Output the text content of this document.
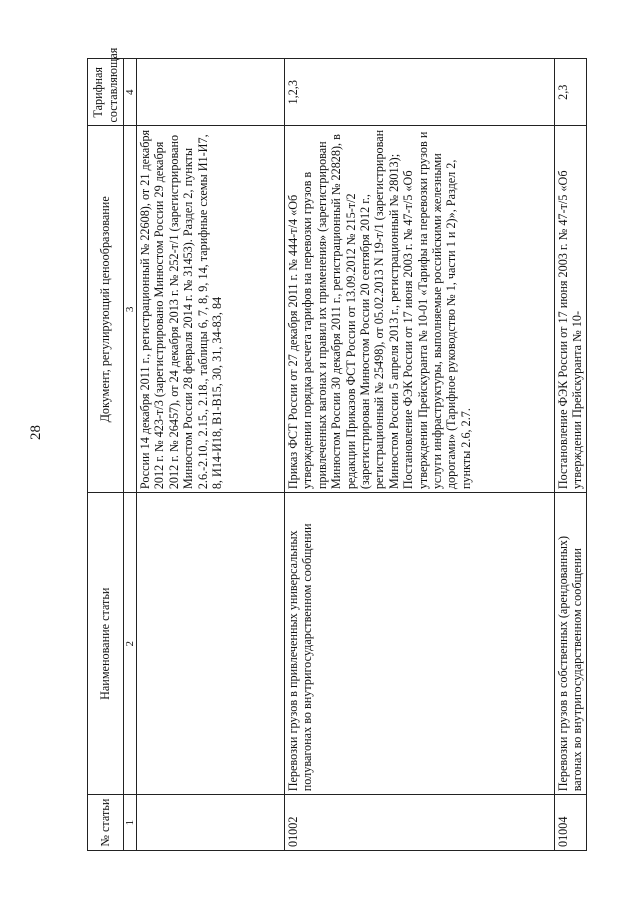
28
№ статьи	Наименование статьи	Документ, регулирующий ценообразование	Тарифная составляющая
1	2	3	4
		России 14 декабря 2011 г., регистрационный № 22608), от 21 декабря 2012 г. № 423-т/3 (зарегистрировано Минюстом России 29 декабря 2012 г. № 26457), от 24 декабря 2013 г. № 252-т/1 (зарегистрировано Минюстом России 28 февраля 2014 г. № 31453). Раздел 2, пункты 2.6.-2.10., 2.15., 2.18., таблицы 6, 7, 8, 9, 14, тарифные схемы И1-И7, 8, И14-И18, В1-В15, 30, 31, 34-83, 84	
01002	Перевозки грузов в привлеченных универсальных полувагонах во внутригосударственном сообщении	Приказ ФСТ России от 27 декабря 2011 г. № 444-т/4 «Об утверждении порядка расчета тарифов на перевозки грузов в привлеченных вагонах и правил их применения» (зарегистрирован Минюстом России 30 декабря 2011 г., регистрационный № 22828), в редакции Приказов ФСТ России от 13.09.2012 № 215-т/2 (зарегистрирован Минюстом России 20 сентября 2012 г., регистрационный № 25498), от 05.02.2013 N 19-т/1 (зарегистрирован Минюстом России 5 апреля 2013 г., регистрационный № 28013); Постановление ФЭК России от 17 июня 2003 г. № 47-т/5 «Об утверждении Прейскуранта № 10-01 «Тарифы на перевозки грузов и услуги инфраструктуры, выполняемые российскими железными дорогами» (Тарифное руководство № 1, части 1 и 2)», Раздел 2, пункты 2.6, 2.7.	1,2,3
01004	Перевозки грузов в собственных (арендованных) вагонах во внутригосударственном сообщении	Постановление ФЭК России от 17 июня 2003 г. № 47-т/5 «Об утверждении Прейскуранта № 10-	2,3
